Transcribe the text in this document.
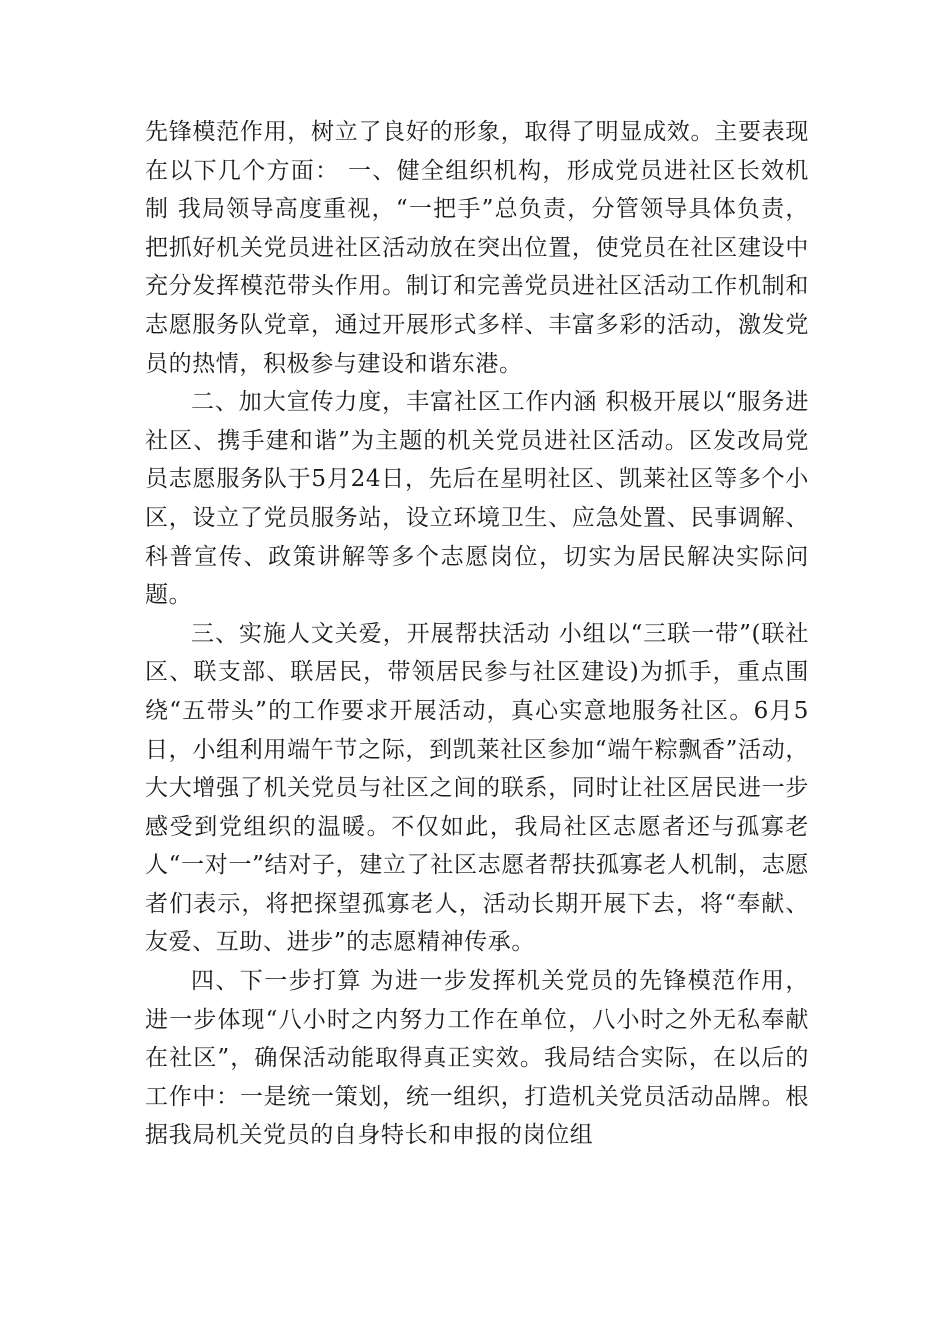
先锋模范作用，树立了良好的形象，取得了明显成效。主要表现在以下几个方面： 一、健全组织机构，形成党员进社区长效机制 我局领导高度重视，“一把手”总负责，分管领导具体负责，把抓好机关党员进社区活动放在突出位置，使党员在社区建设中充分发挥模范带头作用。制订和完善党员进社区活动工作机制和志愿服务队党章，通过开展形式多样、丰富多彩的活动，激发党员的热情，积极参与建设和谐东港。

二、加大宣传力度，丰富社区工作内涵 积极开展以“服务进社区、携手建和谐”为主题的机关党员进社区活动。区发改局党员志愿服务队于5月24日，先后在星明社区、凯莱社区等多个小区，设立了党员服务站，设立环境卫生、应急处置、民事调解、科普宣传、政策讲解等多个志愿岗位，切实为居民解决实际问题。

三、实施人文关爱，开展帮扶活动 小组以“三联一带”(联社区、联支部、联居民，带领居民参与社区建设)为抓手，重点围绕“五带头”的工作要求开展活动，真心实意地服务社区。6月5日，小组利用端午节之际，到凯莱社区参加“端午粽飘香”活动，大大增强了机关党员与社区之间的联系，同时让社区居民进一步感受到党组织的温暖。不仅如此，我局社区志愿者还与孤寡老人“一对一”结对子，建立了社区志愿者帮扶孤寡老人机制，志愿者们表示，将把探望孤寡老人，活动长期开展下去，将“奉献、友爱、互助、进步”的志愿精神传承。

四、下一步打算 为进一步发挥机关党员的先锋模范作用，进一步体现“八小时之内努力工作在单位，八小时之外无私奉献在社区”，确保活动能取得真正实效。我局结合实际，在以后的工作中：一是统一策划，统一组织，打造机关党员活动品牌。根据我局机关党员的自身特长和申报的岗位组
